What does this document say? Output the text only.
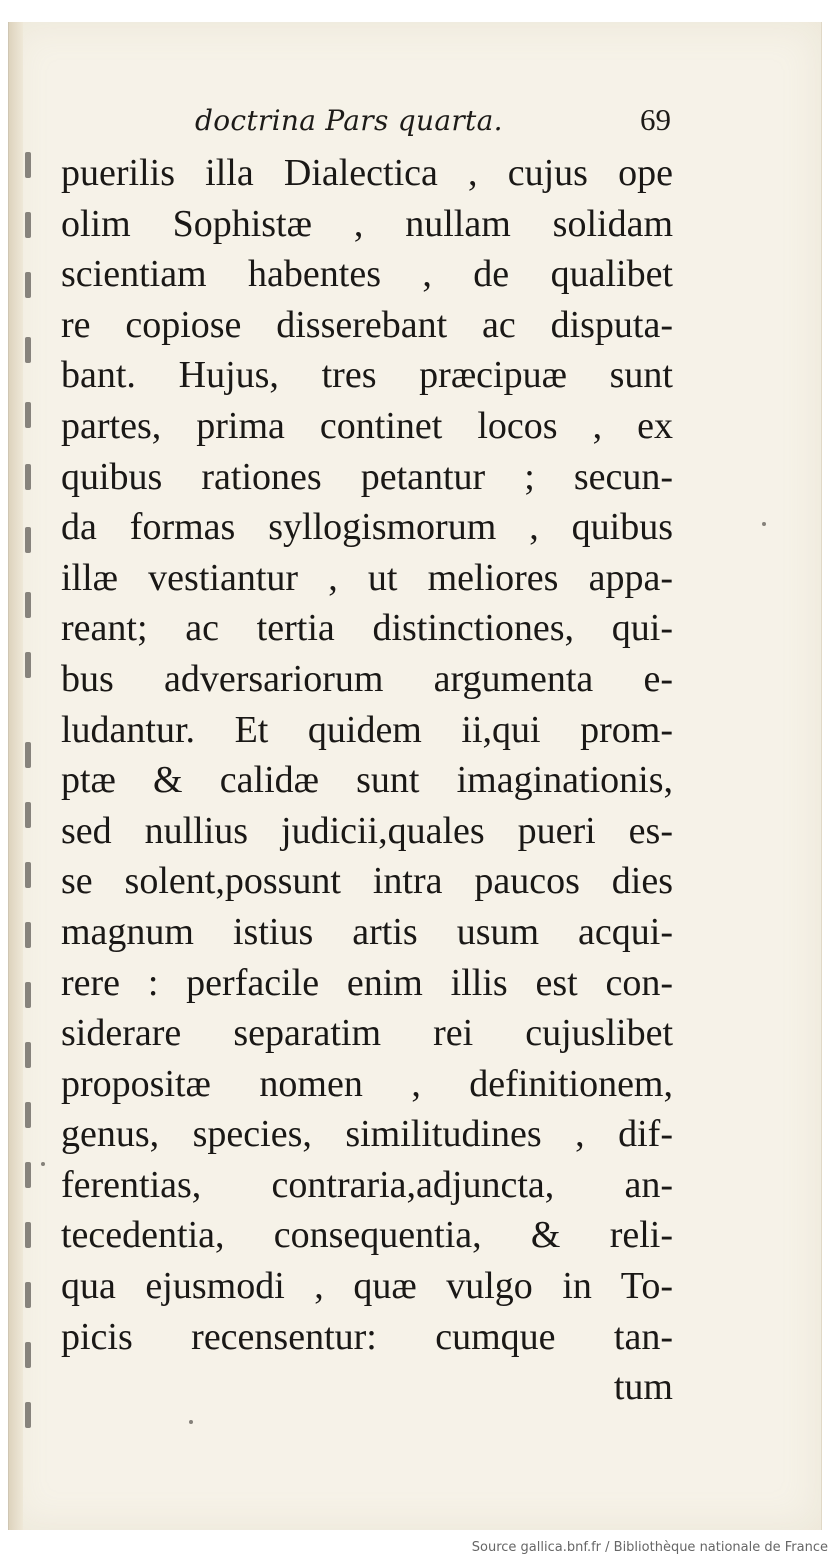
doctrina Pars quarta.	69
puerilis illa Dialectica , cujus ope
olim Sophistæ , nullam solidam
scientiam habentes , de qualibet
re copiose disserebant ac disputa-
bant. Hujus, tres præcipuæ sunt
partes, prima continet locos , ex
quibus rationes petantur ; secun-
da formas syllogismorum , quibus
illæ vestiantur , ut meliores appa-
reant; ac tertia distinctiones, qui-
bus adversariorum argumenta e-
ludantur. Et quidem ii,qui prom-
ptæ & calidæ sunt imaginationis,
sed nullius judicii,quales pueri es-
se solent,possunt intra paucos dies
magnum istius artis usum acqui-
rere : perfacile enim illis est con-
siderare separatim rei cujuslibet
propositæ nomen , definitionem,
genus, species, similitudines , dif-
ferentias, contraria,adjuncta, an-
tecedentia, consequentia, & reli-
qua ejusmodi , quæ vulgo in To-
picis recensentur: cumque tan-
tum
Source gallica.bnf.fr / Bibliothèque nationale de France
